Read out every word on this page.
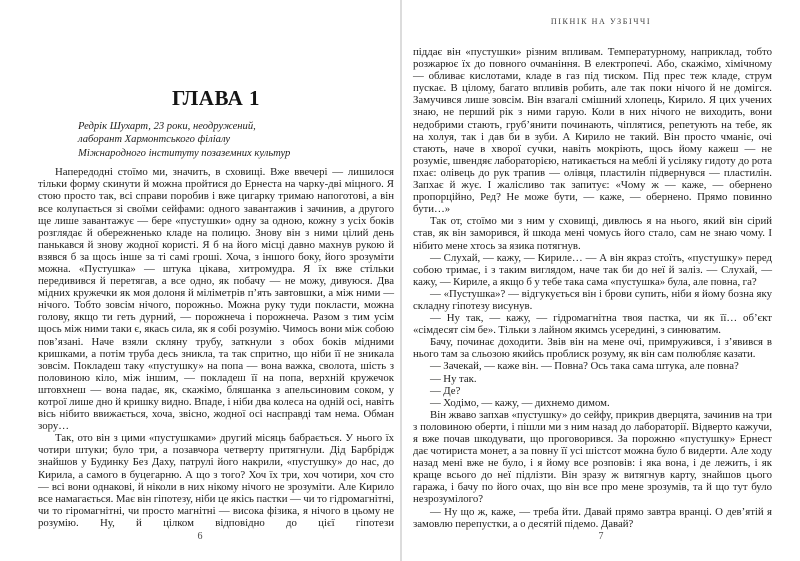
ГЛАВА 1
Редрік Шухарт, 23 роки, неодружений,
лаборант Хармонтського філіалу
Міжнародного інституту позаземних культур

Напередодні стоїмо ми, значить, в сховищі. Вже ввечері — лишилося тільки форму скинути й можна пройтися до Ернеста на чарку-дві міцного. Я стою просто так, всі справи поробив і вже цигарку тримаю напоготові, а він все колупається зі своїми сейфами: одного завантажив і зачинив, а другого ще лише завантажує — бере «пустушки» одну за одною, кожну з усіх боків розглядає й обережненько кладе на полицю. Знову він з ними цілий день панькався й знову жодної користі. Я б на його місці давно махнув рукою й взявся б за щось інше за ті самі гроші. Хоча, з іншого боку, його зрозуміти можна. «Пустушка» — штука цікава, хитромудра. Я їх вже стільки передивився й перетягав, а все одно, як побачу — не можу, дивуюся. Два мідних кружечки як моя долоня й міліметрів п’ять завтовшки, а між ними — нічого. Тобто зовсім нічого, порожньо. Можна руку туди покласти, можна голову, якщо ти геть дурний, — порожнеча і порожнеча. Разом з тим усім щось між ними таки є, якась сила, як я собі розумію. Чимось вони між собою пов’язані. Наче взяли скляну трубу, заткнули з обох боків мідними кришками, а потім труба десь зникла, та так спритно, що ніби її не зникала зовсім. Покладеш таку «пустушку» на попа — вона важка, сволота, шість з половиною кіло, між іншим, — покладеш її на попа, верхній кружечок штовхнеш — вона падає, як, скажімо, бляшанка з апельсиновим соком, у котрої лише дно й кришку видно. Впаде, і ніби два колеса на одній осі, навіть вісь нібито ввижається, хоча, звісно, жодної осі насправді там нема. Обман зору…

Так, ото він з цими «пустушками» другий місяць бабрається. У нього їх чотири штуки; було три, а позавчора четверту притягнули. Дід Барбрідж знайшов у Будинку Без Даху, патрулі його накрили, «пустушку» до нас, до Кирила, а самого в буцегарню. А що з того? Хоч їх три, хоч чотири, хоч сто — всі вони однакові, й ніколи в них нікому нічого не зрозуміти. Але Кирило все намагається. Має він гіпотезу, ніби це якісь пастки — чи то гідромагнітні, чи то гіромагнітні, чи просто магнітні — висока фізика, я нічого в цьому не розумію. Ну, й цілком відповідно до цієї гіпотези

6
ПІКНІК НА УЗБІЧЧІ

піддає він «пустушки» різним впливам. Температурному, наприклад, тобто розжарює їх до повного очманіння. В електропечі. Або, скажімо, хімічному — обливає кислотами, кладе в газ під тиском. Під прес теж кладе, струм пускає. В цілому, багато впливів робить, але так поки нічого й не домігся. Замучився лише зовсім. Він взагалі смішний хлопець, Кирило. Я цих учених знаю, не перший рік з ними гарую. Коли в них нічого не виходить, вони недобрими стають, груб’янити починають, чіплятися, репетують на тебе, як на холуя, так і дав би в зуби. А Кирило не такий. Він просто чманіє, очі стають, наче в хворої сучки, навіть мокріють, щось йому кажеш — не розуміє, швендяє лабораторією, натикається на меблі й усіляку гидоту до рота пхає: олівець до рук трапив — олівця, пластилін підвернувся — пластилін. Запхає й жує. І жалісливо так запитує: «Чому ж — каже, — обернено пропорційно, Ред? Не може бути, — каже, — обернено. Прямо повинно бути…»

Так от, стоїмо ми з ним у сховищі, дивлюсь я на нього, який він сірий став, як він заморився, й шкода мені чомусь його стало, сам не знаю чому. І нібито мене хтось за язика потягнув.

— Слухай, — кажу, — Кириле… — А він якраз стоїть, «пустушку» перед собою тримає, і з таким виглядом, наче так би до неї й заліз. — Слухай, — кажу, — Кириле, а якщо б у тебе така сама «пустушка» була, але повна, га?

— «Пустушка»? — відгукується він і брови супить, ніби я йому бозна яку складну гіпотезу висунув.

— Ну так, — кажу, — гідромагнітна твоя пастка, чи як її… об’єкт «сімдесят сім бе». Тільки з лайном якимсь усередині, з синюватим.

Бачу, починає доходити. Звів він на мене очі, примружився, і з’явився в нього там за сльозою якийсь проблиск розуму, як він сам полюбляє казати.

— Зачекай, — каже він. — Повна? Ось така сама штука, але повна?

— Ну так.

— Де?

— Ходімо, — кажу, — дихнемо димом.

Він жваво запхав «пустушку» до сейфу, прикрив дверцята, зачинив на три з половиною оберти, і пішли ми з ним назад до лабораторії. Відверто кажучи, я вже почав шкодувати, що проговорився. За порожню «пустушку» Ернест дає чотириста монет, а за повну її усі шістсот можна було б видерти. Але ходу назад мені вже не було, і я йому все розповів: і яка вона, і де лежить, і як краще всього до неї підлізти. Він зразу ж витягнув карту, знайшов цього гаража, і бачу по його очах, що він все про мене зрозумів, та й що тут було незрозумілого?

— Ну що ж, каже, — треба йти. Давай прямо завтра вранці. О дев’ятій я замовлю перепустки, а о десятій підемо. Давай?

7
